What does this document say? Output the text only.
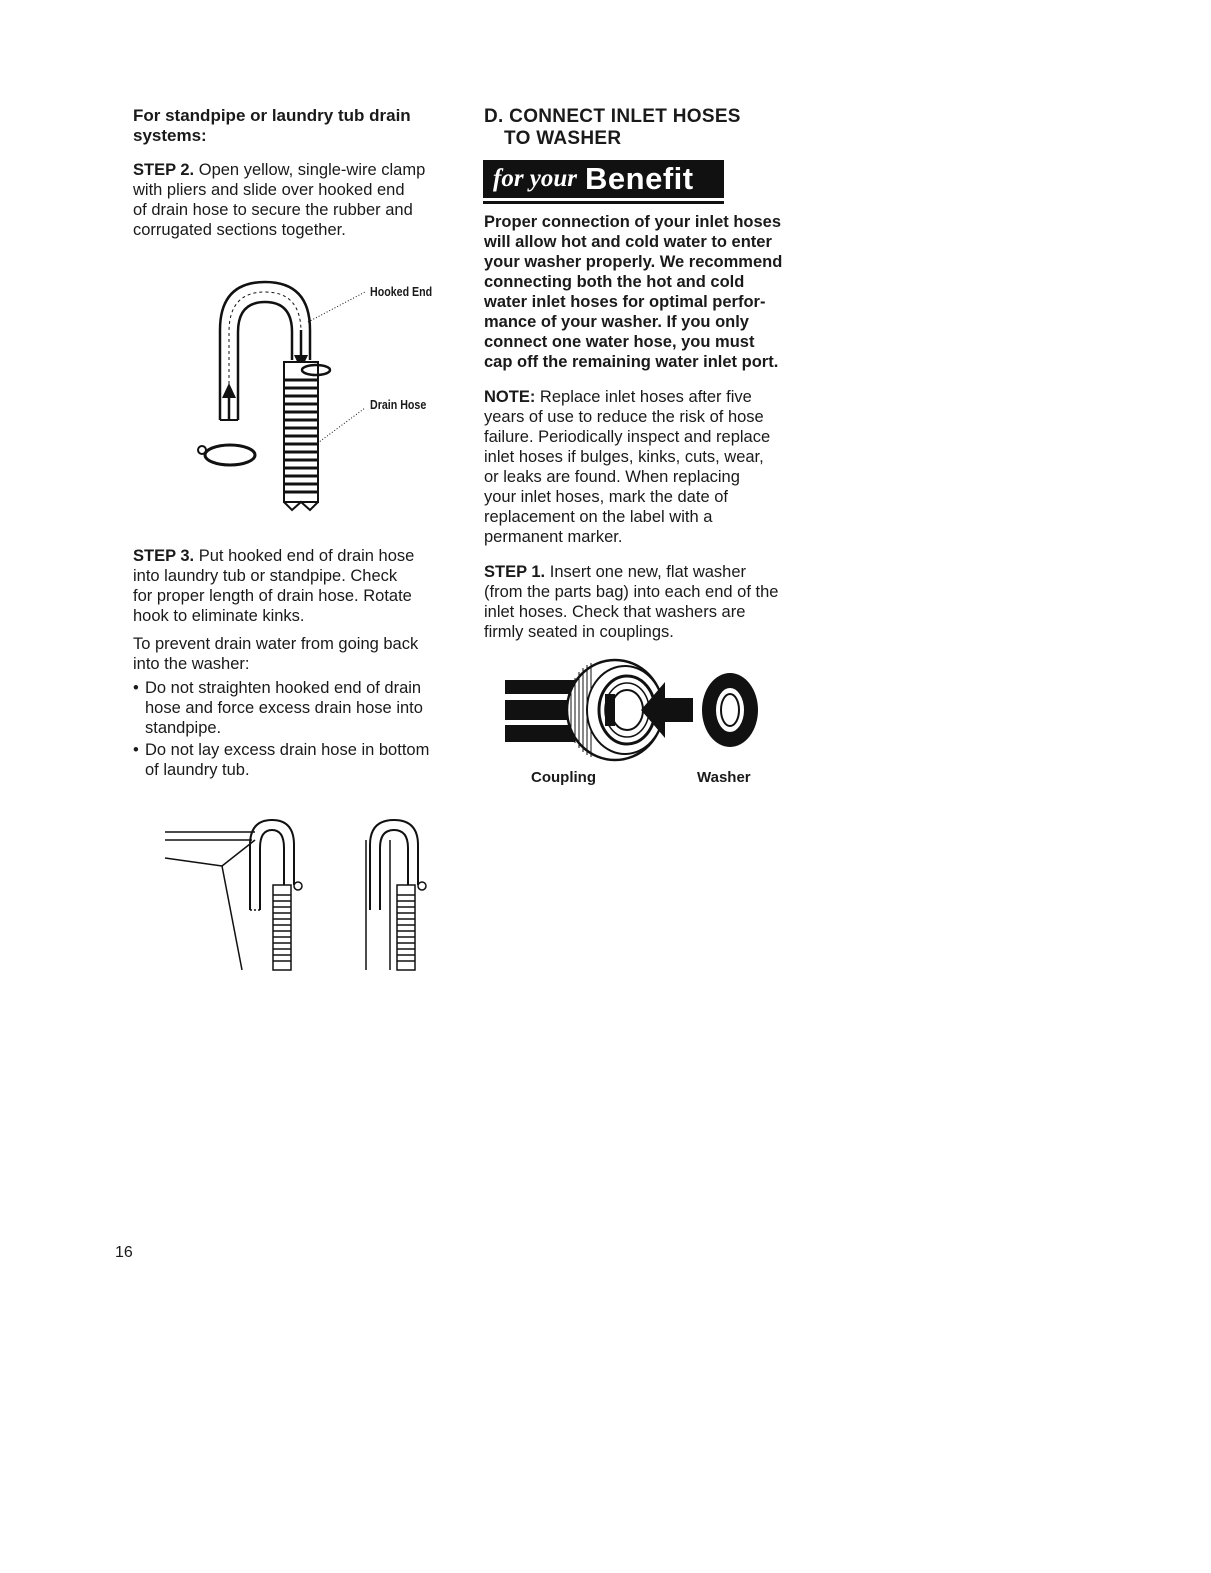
For standpipe or laundry tub drain
systems:

STEP 2. Open yellow, single-wire clamp
with pliers and slide over hooked end
of drain hose to secure the rubber and
corrugated sections together.

Hooked End
Drain Hose

STEP 3. Put hooked end of drain hose
into laundry tub or standpipe. Check
for proper length of drain hose. Rotate
hook to eliminate kinks.

To prevent drain water from going back
into the washer:

• Do not straighten hooked end of drain
hose and force excess drain hose into
standpipe.
• Do not lay excess drain hose in bottom
of laundry tub.

D. CONNECT INLET HOSES
TO WASHER

for your Benefit

Proper connection of your inlet hoses
will allow hot and cold water to enter
your washer properly. We recommend
connecting both the hot and cold
water inlet hoses for optimal perfor-
mance of your washer. If you only
connect one water hose, you must
cap off the remaining water inlet port.

NOTE: Replace inlet hoses after five
years of use to reduce the risk of hose
failure. Periodically inspect and replace
inlet hoses if bulges, kinks, cuts, wear,
or leaks are found. When replacing
your inlet hoses, mark the date of
replacement on the label with a
permanent marker.

STEP 1. Insert one new, flat washer
(from the parts bag) into each end of the
inlet hoses. Check that washers are
firmly seated in couplings.

Coupling	Washer
16
